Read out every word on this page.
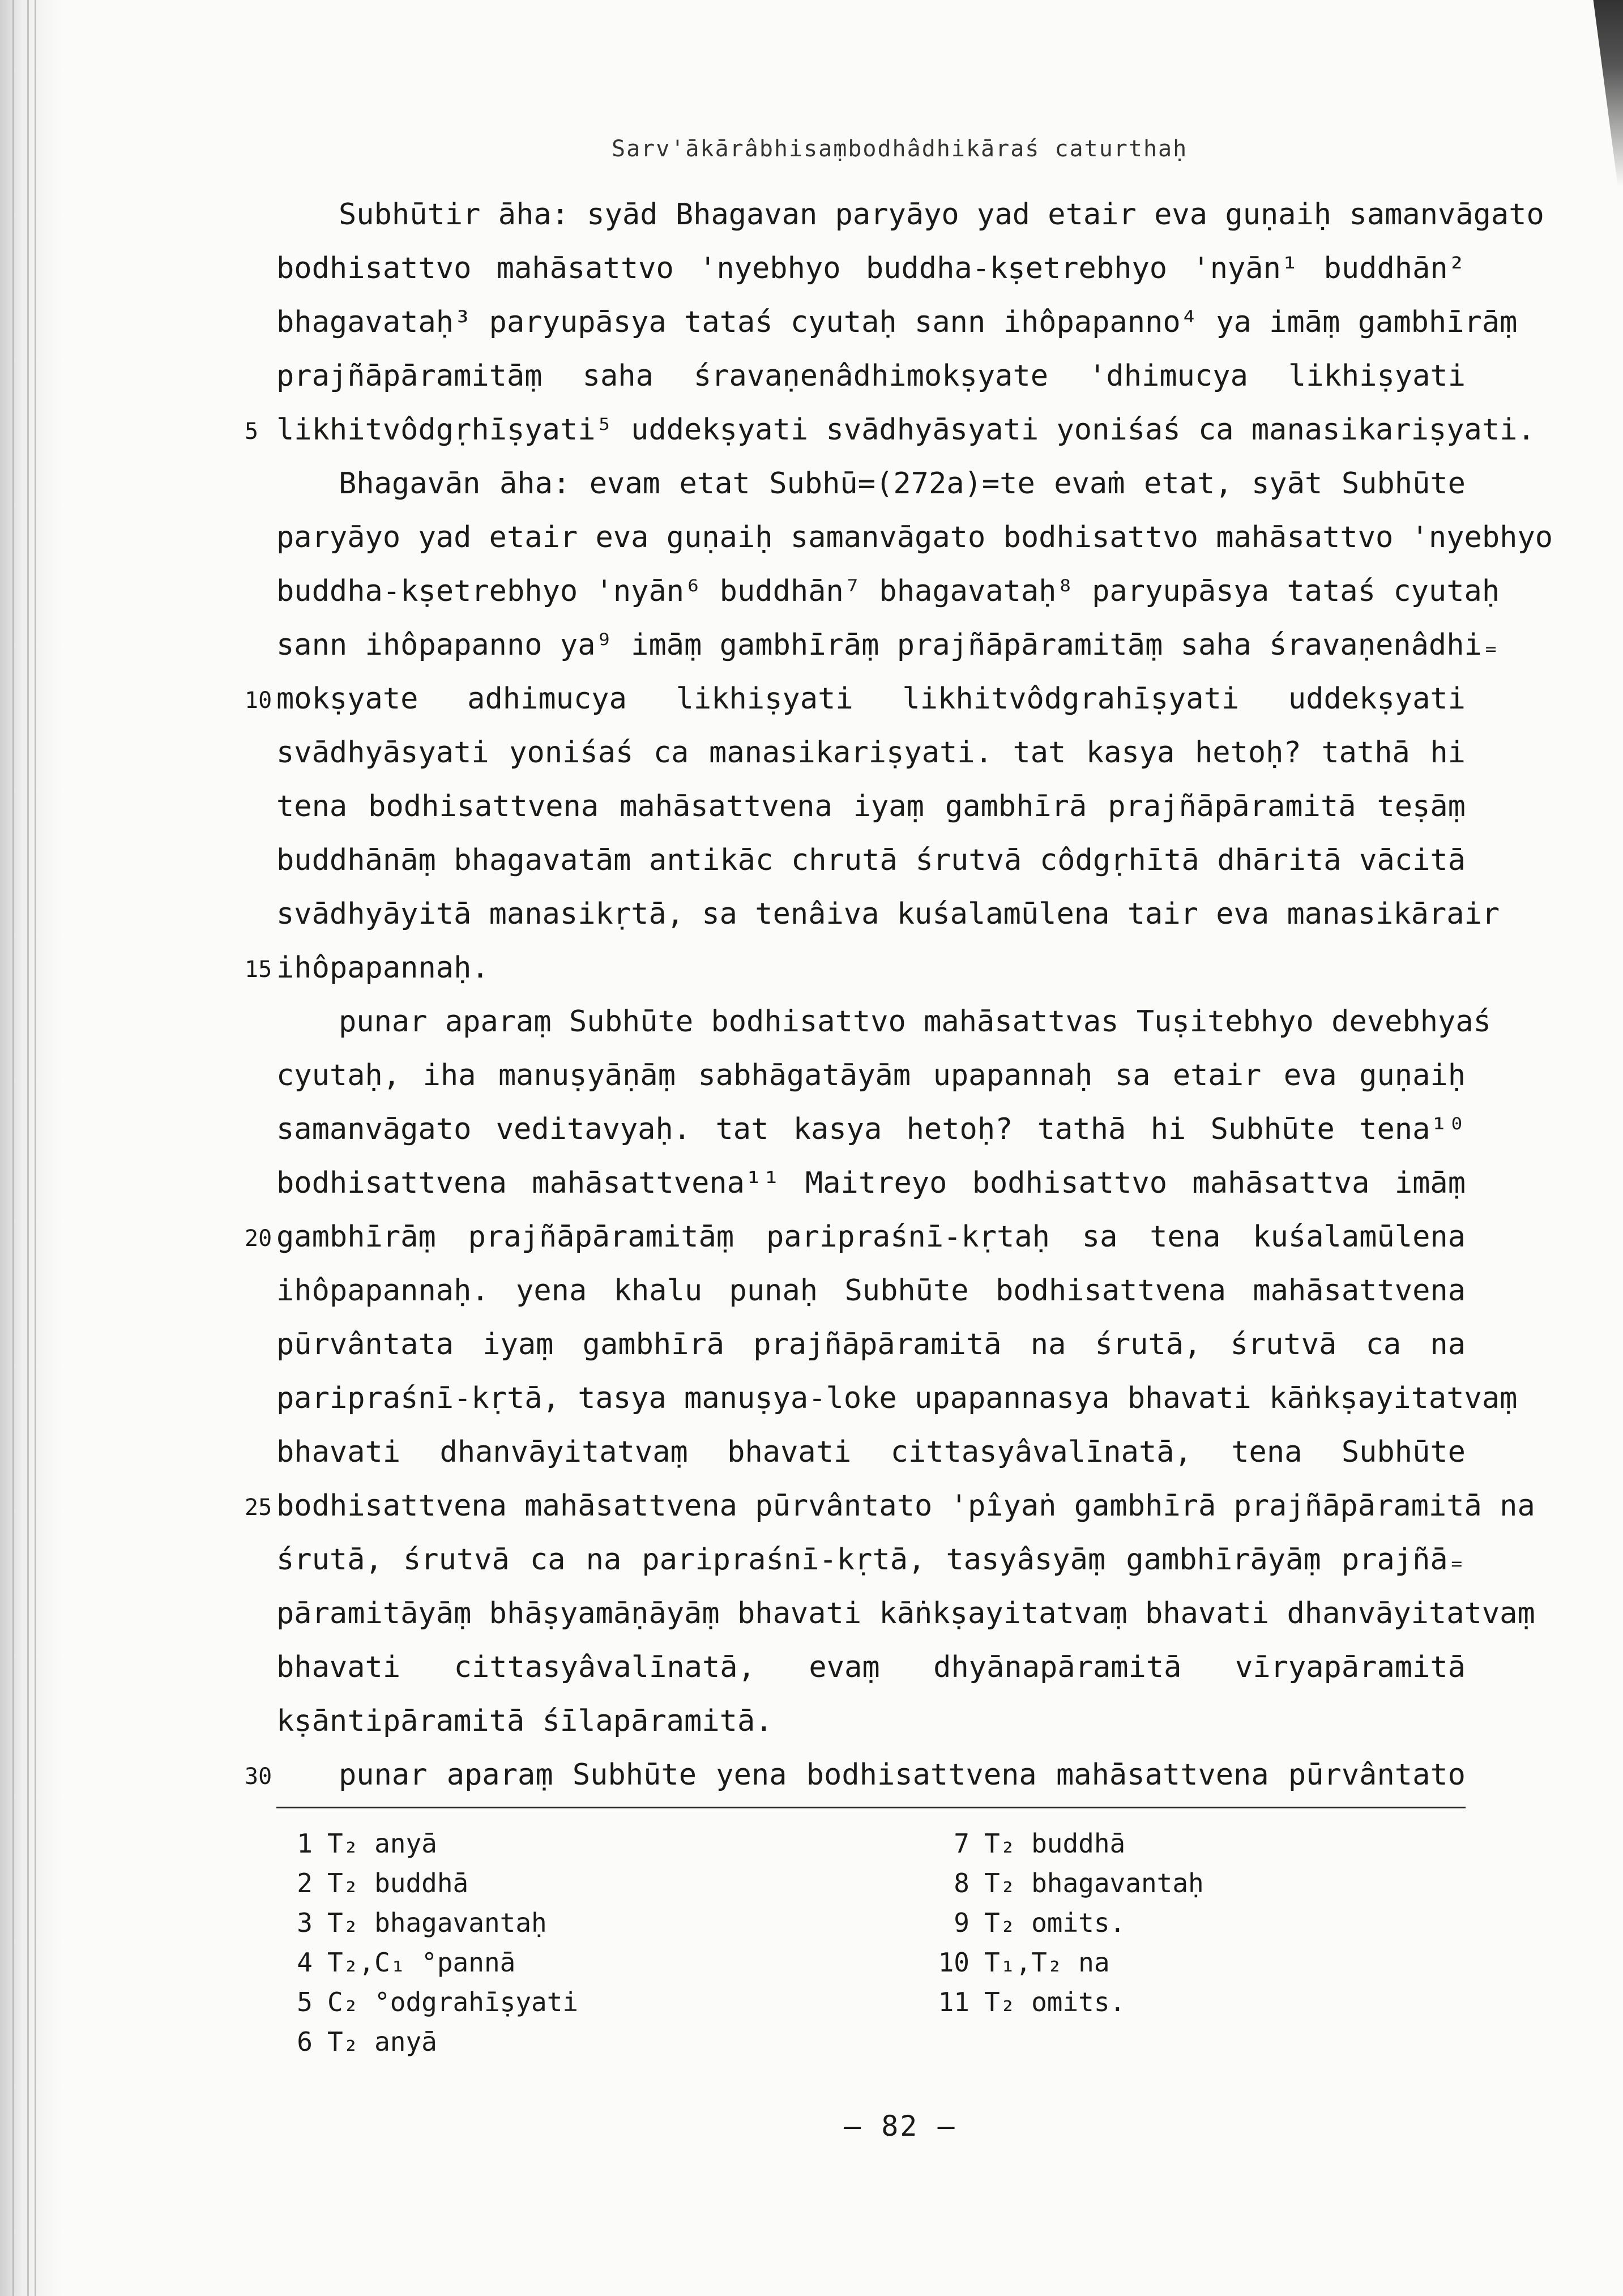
Sarv'ākārâbhisaṃbodhâdhikāraś caturthaḥ
Subhūtir āha: syād Bhagavan paryāyo yad etair eva guṇaiḥ samanvāgato
bodhisattvo mahāsattvo 'nyebhyo buddha-kṣetrebhyo 'nyān¹ buddhān²
bhagavataḥ³ paryupāsya tataś cyutaḥ sann ihôpapanno⁴ ya imāṃ gambhīrāṃ
prajñāpāramitāṃ saha śravaṇenâdhimokṣyate 'dhimucya likhiṣyati
likhitvôdgṛhīṣyati⁵ uddekṣyati svādhyāsyati yoniśaś ca manasikariṣyati.
5
Bhagavān āha: evam etat Subhū=(272a)=te evaṁ etat, syāt Subhūte
paryāyo yad etair eva guṇaiḥ samanvāgato bodhisattvo mahāsattvo 'nyebhyo
buddha-kṣetrebhyo 'nyān⁶ buddhān⁷ bhagavataḥ⁸ paryupāsya tataś cyutaḥ
sann ihôpapanno ya⁹ imāṃ gambhīrāṃ prajñāpāramitāṃ saha śravaṇenâdhi₌
mokṣyate adhimucya likhiṣyati likhitvôdgrahīṣyati uddekṣyati
10
svādhyāsyati yoniśaś ca manasikariṣyati. tat kasya hetoḥ? tathā hi
tena bodhisattvena mahāsattvena iyaṃ gambhīrā prajñāpāramitā teṣāṃ
buddhānāṃ bhagavatām antikāc chrutā śrutvā côdgṛhītā dhāritā vācitā
svādhyāyitā manasikṛtā, sa tenâiva kuśalamūlena tair eva manasikārair
ihôpapannaḥ.
15
punar aparaṃ Subhūte bodhisattvo mahāsattvas Tuṣitebhyo devebhyaś
cyutaḥ, iha manuṣyāṇāṃ sabhāgatāyām upapannaḥ sa etair eva guṇaiḥ
samanvāgato veditavyaḥ. tat kasya hetoḥ? tathā hi Subhūte tena¹⁰
bodhisattvena mahāsattvena¹¹ Maitreyo bodhisattvo mahāsattva imāṃ
gambhīrāṃ prajñāpāramitāṃ paripraśnī-kṛtaḥ sa tena kuśalamūlena
20
ihôpapannaḥ. yena khalu punaḥ Subhūte bodhisattvena mahāsattvena
pūrvântata iyaṃ gambhīrā prajñāpāramitā na śrutā, śrutvā ca na
paripraśnī-kṛtā, tasya manuṣya-loke upapannasya bhavati kāṅkṣayitatvaṃ
bhavati dhanvāyitatvaṃ bhavati cittasyâvalīnatā, tena Subhūte
bodhisattvena mahāsattvena pūrvântato 'pîyaṅ gambhīrā prajñāpāramitā na
25
śrutā, śrutvā ca na paripraśnī-kṛtā, tasyâsyāṃ gambhīrāyāṃ prajñā₌
pāramitāyāṃ bhāṣyamāṇāyāṃ bhavati kāṅkṣayitatvaṃ bhavati dhanvāyitatvaṃ
bhavati cittasyâvalīnatā, evaṃ dhyānapāramitā vīryapāramitā
kṣāntipāramitā śīlapāramitā.
punar aparaṃ Subhūte yena bodhisattvena mahāsattvena pūrvântato
30
1 T₂ anyā
2 T₂ buddhā
3 T₂ bhagavantaḥ
4 T₂,C₁ °pannā
5 C₂ °odgrahīṣyati
6 T₂ anyā
7 T₂ buddhā
8 T₂ bhagavantaḥ
9 T₂ omits.
10 T₁,T₂ na
11 T₂ omits.
— 82 —
